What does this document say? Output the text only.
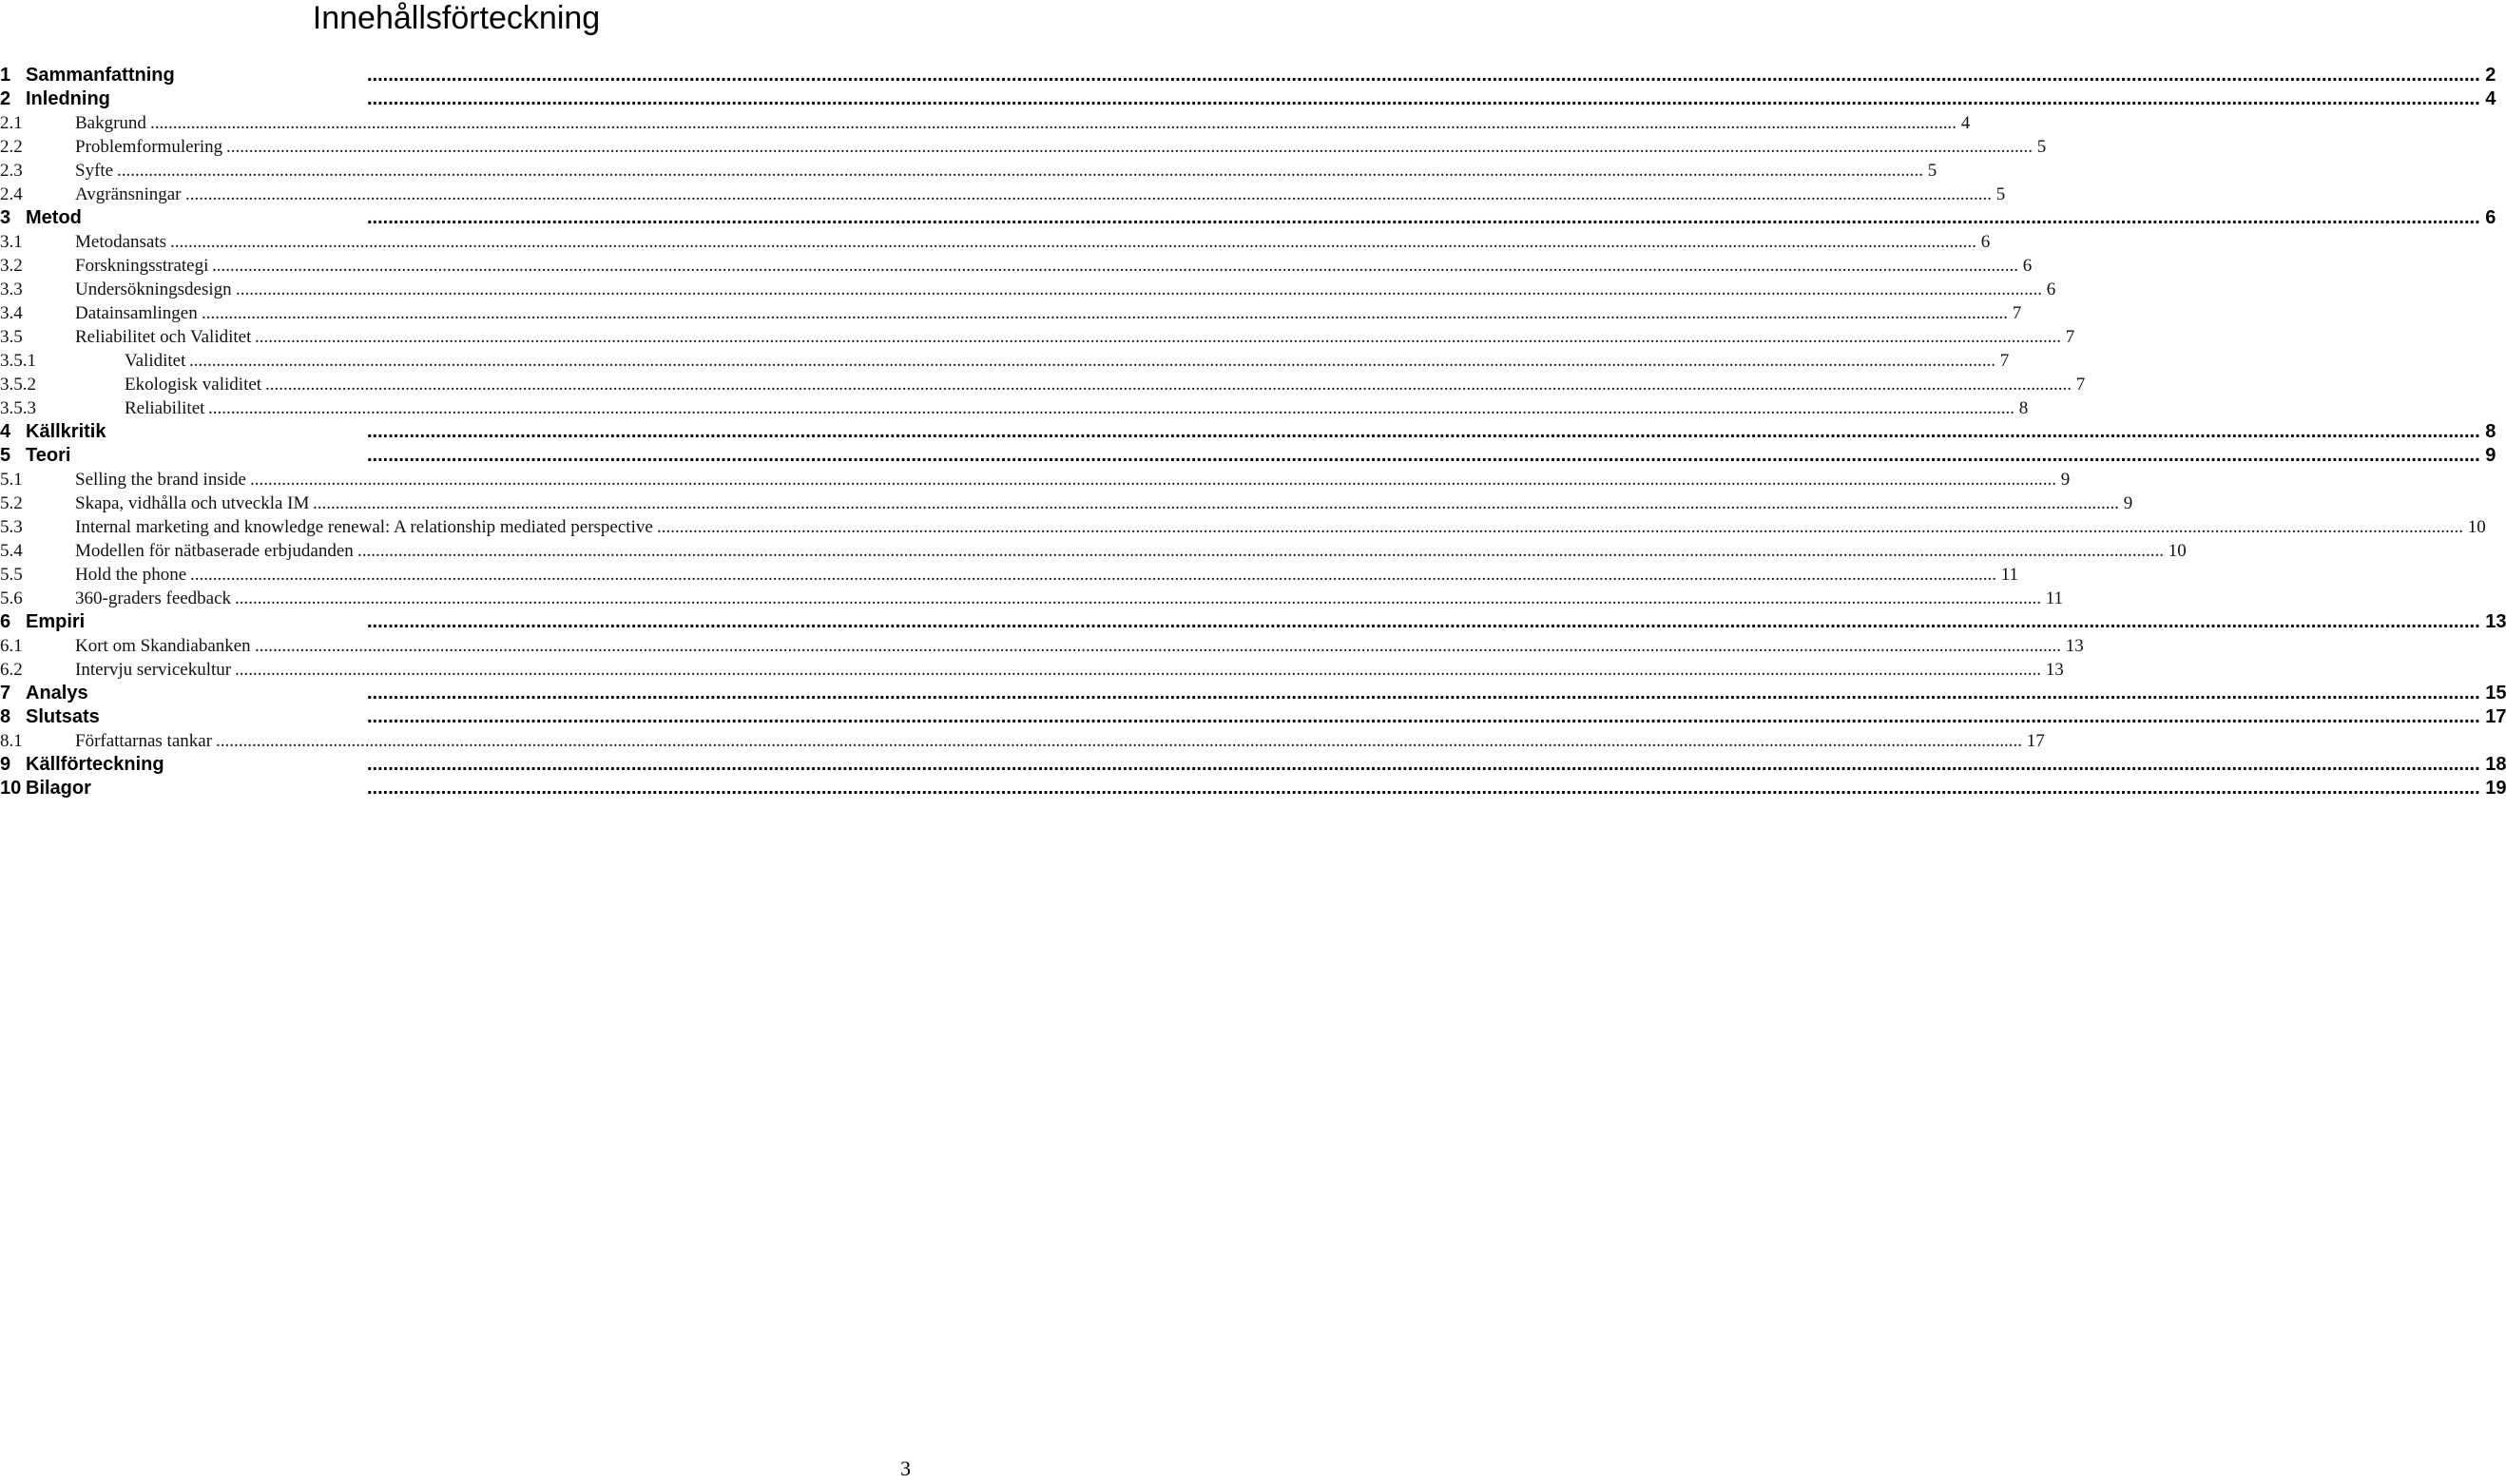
Innehållsförteckning
1 Sammanfattning	................................................................................................................................................................................................................................................................................................................................................................................................................ 2
2 Inledning	................................................................................................................................................................................................................................................................................................................................................................................................................ 4
2.1	Bakgrund ................................................................................................................................................................................................................................................................................................................................................................................................................ 4
2.2	Problemformulering ................................................................................................................................................................................................................................................................................................................................................................................................................ 5
2.3	Syfte ................................................................................................................................................................................................................................................................................................................................................................................................................ 5
2.4	Avgränsningar ................................................................................................................................................................................................................................................................................................................................................................................................................ 5
3 Metod	................................................................................................................................................................................................................................................................................................................................................................................................................ 6
3.1	Metodansats ................................................................................................................................................................................................................................................................................................................................................................................................................ 6
3.2	Forskningsstrategi ................................................................................................................................................................................................................................................................................................................................................................................................................ 6
3.3	Undersökningsdesign ................................................................................................................................................................................................................................................................................................................................................................................................................ 6
3.4	Datainsamlingen ................................................................................................................................................................................................................................................................................................................................................................................................................ 7
3.5	Reliabilitet och Validitet ................................................................................................................................................................................................................................................................................................................................................................................................................ 7
3.5.1	Validitet ................................................................................................................................................................................................................................................................................................................................................................................................................ 7
3.5.2	Ekologisk validitet ................................................................................................................................................................................................................................................................................................................................................................................................................ 7
3.5.3	Reliabilitet ................................................................................................................................................................................................................................................................................................................................................................................................................ 8
4 Källkritik	................................................................................................................................................................................................................................................................................................................................................................................................................ 8
5 Teori	................................................................................................................................................................................................................................................................................................................................................................................................................ 9
5.1	Selling the brand inside ................................................................................................................................................................................................................................................................................................................................................................................................................ 9
5.2	Skapa, vidhålla och utveckla IM ................................................................................................................................................................................................................................................................................................................................................................................................................ 9
5.3	Internal marketing and knowledge renewal: A relationship mediated perspective ................................................................................................................................................................................................................................................................................................................................................................................................................ 10
5.4	Modellen för nätbaserade erbjudanden ................................................................................................................................................................................................................................................................................................................................................................................................................ 10
5.5	Hold the phone ................................................................................................................................................................................................................................................................................................................................................................................................................ 11
5.6	360-graders feedback ................................................................................................................................................................................................................................................................................................................................................................................................................ 11
6 Empiri	................................................................................................................................................................................................................................................................................................................................................................................................................ 13
6.1	Kort om Skandiabanken ................................................................................................................................................................................................................................................................................................................................................................................................................ 13
6.2	Intervju servicekultur ................................................................................................................................................................................................................................................................................................................................................................................................................ 13
7 Analys	................................................................................................................................................................................................................................................................................................................................................................................................................ 15
8 Slutsats	................................................................................................................................................................................................................................................................................................................................................................................................................ 17
8.1	Författarnas tankar ................................................................................................................................................................................................................................................................................................................................................................................................................ 17
9 Källförteckning	................................................................................................................................................................................................................................................................................................................................................................................................................ 18
10 Bilagor	................................................................................................................................................................................................................................................................................................................................................................................................................ 19
3
